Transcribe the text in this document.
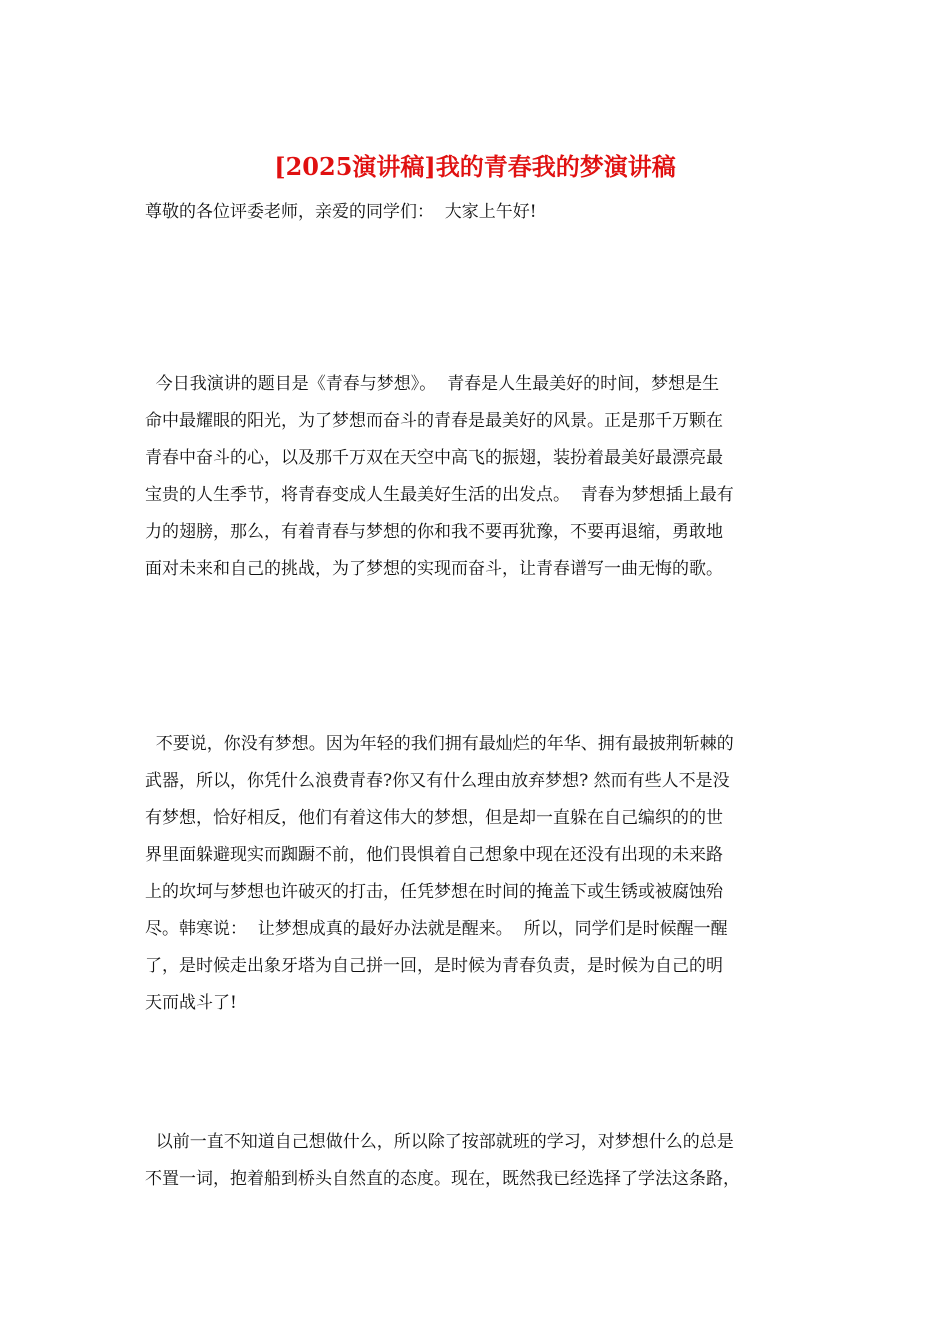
[2025演讲稿]我的青春我的梦演讲稿

尊敬的各位评委老师，亲爱的同学们：  大家上午好!

今日我演讲的题目是《青春与梦想》。  青春是人生最美好的时间，梦想是生
命中最耀眼的阳光，为了梦想而奋斗的青春是最美好的风景。正是那千万颗在
青春中奋斗的心，以及那千万双在天空中高飞的振翅，装扮着最美好最漂亮最
宝贵的人生季节，将青春变成人生最美好生活的出发点。  青春为梦想插上最有
力的翅膀，那么，有着青春与梦想的你和我不要再犹豫，不要再退缩，勇敢地
面对未来和自己的挑战，为了梦想的实现而奋斗，让青春谱写一曲无悔的歌。
不要说，你没有梦想。因为年轻的我们拥有最灿烂的年华、拥有最披荆斩棘的
武器，所以，你凭什么浪费青春?你又有什么理由放弃梦想? 然而有些人不是没
有梦想，恰好相反，他们有着这伟大的梦想，但是却一直躲在自己编织的的世
界里面躲避现实而踟蹰不前，他们畏惧着自己想象中现在还没有出现的未来路
上的坎坷与梦想也许破灭的打击，任凭梦想在时间的掩盖下或生锈或被腐蚀殆
尽。韩寒说：  让梦想成真的最好办法就是醒来。  所以，同学们是时候醒一醒
了，是时候走出象牙塔为自己拼一回，是时候为青春负责，是时候为自己的明
天而战斗了!
以前一直不知道自己想做什么，所以除了按部就班的学习，对梦想什么的总是
不置一词，抱着船到桥头自然直的态度。现在，既然我已经选择了学法这条路，
